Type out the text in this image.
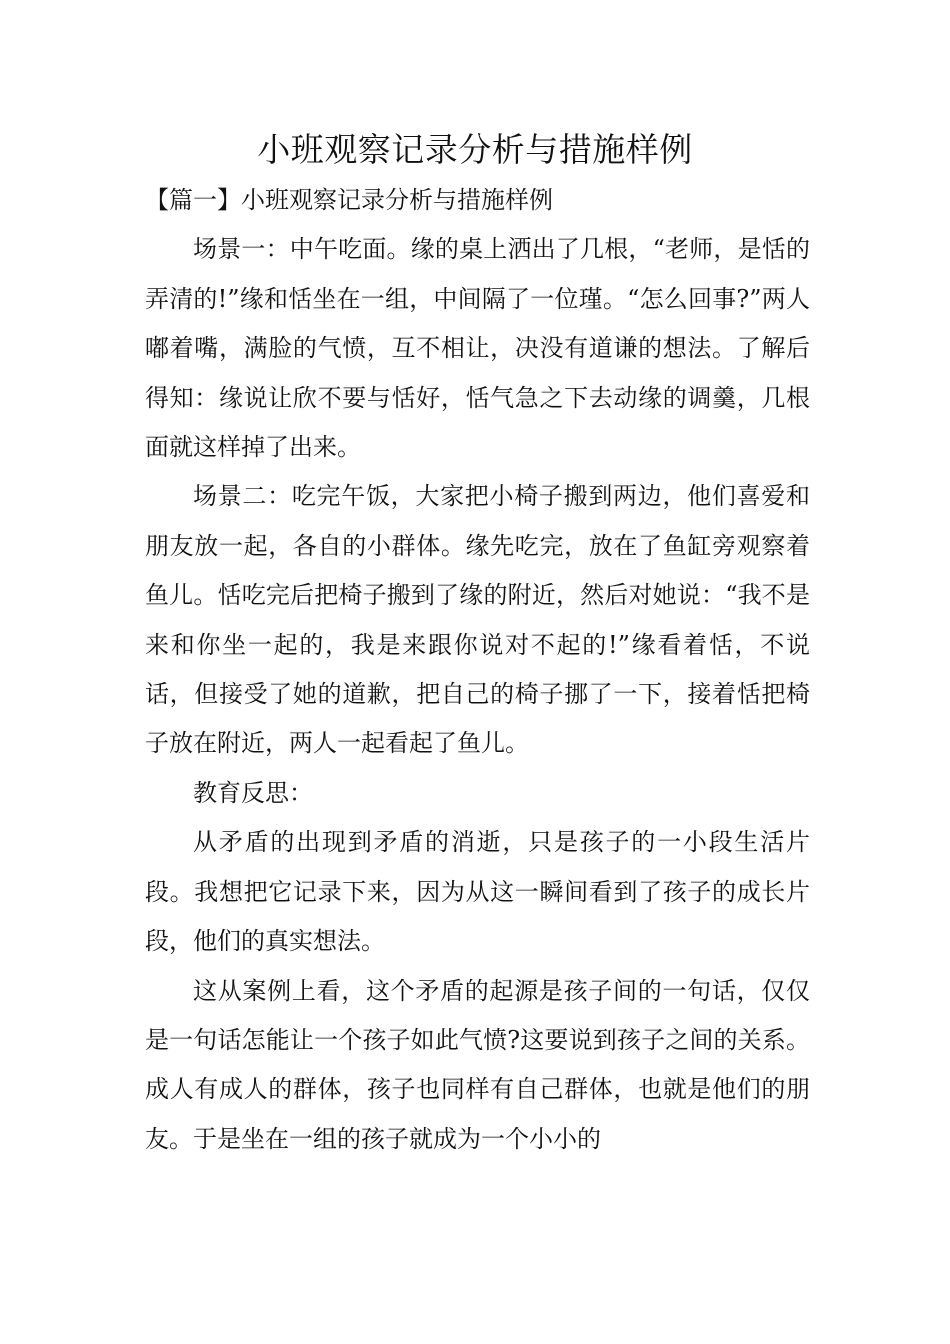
小班观察记录分析与措施样例
【篇一】小班观察记录分析与措施样例

场景一：中午吃面。缘的桌上洒出了几根，“老师，是恬的弄清的!”缘和恬坐在一组，中间隔了一位瑾。“怎么回事?”两人嘟着嘴，满脸的气愤，互不相让，决没有道谦的想法。了解后得知：缘说让欣不要与恬好，恬气急之下去动缘的调羹，几根面就这样掉了出来。

场景二：吃完午饭，大家把小椅子搬到两边，他们喜爱和朋友放一起，各自的小群体。缘先吃完，放在了鱼缸旁观察着鱼儿。恬吃完后把椅子搬到了缘的附近，然后对她说：“我不是来和你坐一起的，我是来跟你说对不起的!”缘看着恬，不说话，但接受了她的道歉，把自己的椅子挪了一下，接着恬把椅子放在附近，两人一起看起了鱼儿。

教育反思：

从矛盾的出现到矛盾的消逝，只是孩子的一小段生活片段。我想把它记录下来，因为从这一瞬间看到了孩子的成长片段，他们的真实想法。

这从案例上看，这个矛盾的起源是孩子间的一句话，仅仅是一句话怎能让一个孩子如此气愤?这要说到孩子之间的关系。成人有成人的群体，孩子也同样有自己群体，也就是他们的朋友。于是坐在一组的孩子就成为一个小小的
